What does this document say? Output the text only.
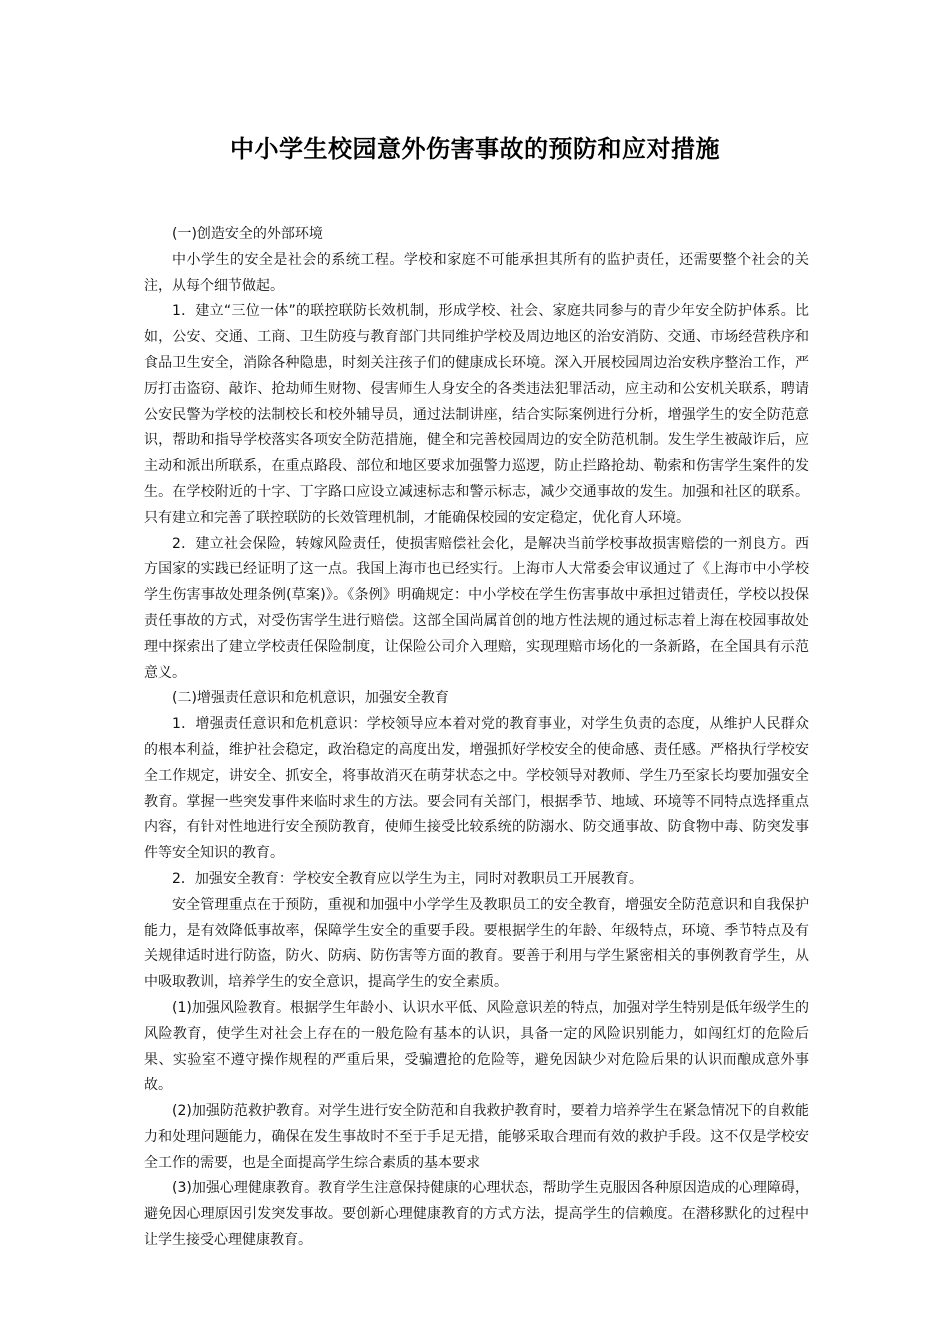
中小学生校园意外伤害事故的预防和应对措施

(一)创造安全的外部环境

中小学生的安全是社会的系统工程。学校和家庭不可能承担其所有的监护责任，还需要整个社会的关注，从每个细节做起。

1．建立“三位一体”的联控联防长效机制，形成学校、社会、家庭共同参与的青少年安全防护体系。比如，公安、交通、工商、卫生防疫与教育部门共同维护学校及周边地区的治安消防、交通、市场经营秩序和食品卫生安全，消除各种隐患，时刻关注孩子们的健康成长环境。深入开展校园周边治安秩序整治工作，严厉打击盗窃、敲诈、抢劫师生财物、侵害师生人身安全的各类违法犯罪活动，应主动和公安机关联系，聘请公安民警为学校的法制校长和校外辅导员，通过法制讲座，结合实际案例进行分析，增强学生的安全防范意识，帮助和指导学校落实各项安全防范措施，健全和完善校园周边的安全防范机制。发生学生被敲诈后，应主动和派出所联系，在重点路段、部位和地区要求加强警力巡逻，防止拦路抢劫、勒索和伤害学生案件的发生。在学校附近的十字、丁字路口应设立减速标志和警示标志，减少交通事故的发生。加强和社区的联系。只有建立和完善了联控联防的长效管理机制，才能确保校园的安定稳定，优化育人环境。

2．建立社会保险，转嫁风险责任，使损害赔偿社会化，是解决当前学校事故损害赔偿的一剂良方。西方国家的实践已经证明了这一点。我国上海市也已经实行。上海市人大常委会审议通过了《上海市中小学校学生伤害事故处理条例(草案)》。《条例》明确规定：中小学校在学生伤害事故中承担过错责任，学校以投保责任事故的方式，对受伤害学生进行赔偿。这部全国尚属首创的地方性法规的通过标志着上海在校园事故处理中探索出了建立学校责任保险制度，让保险公司介入理赔，实现理赔市场化的一条新路，在全国具有示范意义。

(二)增强责任意识和危机意识，加强安全教育

1．增强责任意识和危机意识：学校领导应本着对党的教育事业，对学生负责的态度，从维护人民群众的根本利益，维护社会稳定，政治稳定的高度出发，增强抓好学校安全的使命感、责任感。严格执行学校安全工作规定，讲安全、抓安全，将事故消灭在萌芽状态之中。学校领导对教师、学生乃至家长均要加强安全教育。掌握一些突发事件来临时求生的方法。要会同有关部门，根据季节、地域、环境等不同特点选择重点内容，有针对性地进行安全预防教育，使师生接受比较系统的防溺水、防交通事故、防食物中毒、防突发事件等安全知识的教育。

2．加强安全教育：学校安全教育应以学生为主，同时对教职员工开展教育。

安全管理重点在于预防，重视和加强中小学学生及教职员工的安全教育，增强安全防范意识和自我保护能力，是有效降低事故率，保障学生安全的重要手段。要根据学生的年龄、年级特点，环境、季节特点及有关规律适时进行防盗，防火、防病、防伤害等方面的教育。要善于利用与学生紧密相关的事例教育学生，从中吸取教训，培养学生的安全意识，提高学生的安全素质。

(1)加强风险教育。根据学生年龄小、认识水平低、风险意识差的特点，加强对学生特别是低年级学生的风险教育，使学生对社会上存在的一般危险有基本的认识，具备一定的风险识别能力，如闯红灯的危险后果、实验室不遵守操作规程的严重后果，受骗遭抢的危险等，避免因缺少对危险后果的认识而酿成意外事故。

(2)加强防范救护教育。对学生进行安全防范和自我救护教育时，要着力培养学生在紧急情况下的自救能力和处理问题能力，确保在发生事故时不至于手足无措，能够采取合理而有效的救护手段。这不仅是学校安全工作的需要，也是全面提高学生综合素质的基本要求

(3)加强心理健康教育。教育学生注意保持健康的心理状态，帮助学生克服因各种原因造成的心理障碍，避免因心理原因引发突发事故。要创新心理健康教育的方式方法，提高学生的信赖度。在潜移默化的过程中让学生接受心理健康教育。
